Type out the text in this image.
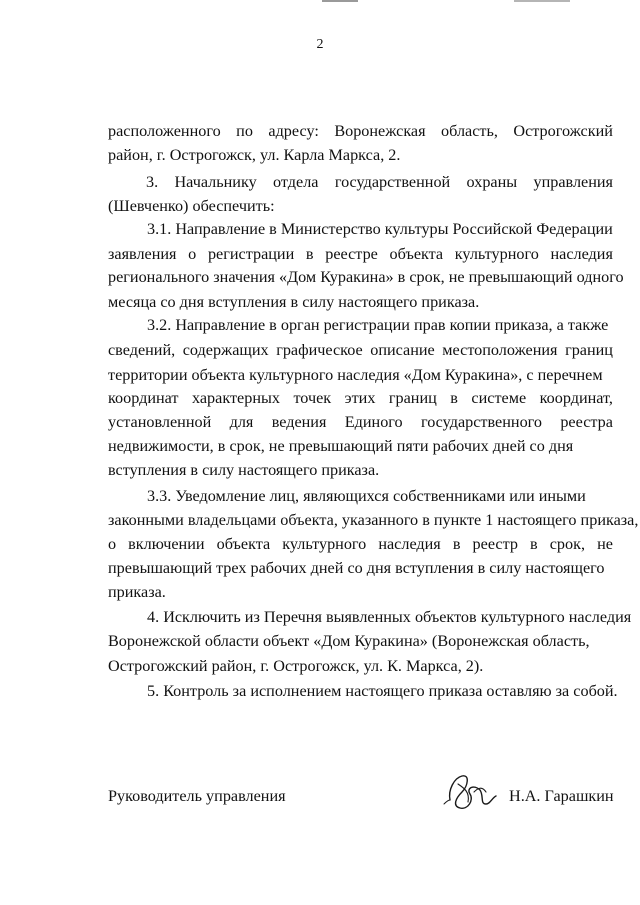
2
расположенного по адресу: Воронежская область, Острогожский
район, г. Острогожск, ул. Карла Маркса, 2.
3. Начальнику отдела государственной охраны управления
(Шевченко) обеспечить:
3.1. Направление в Министерство культуры Российской Федерации
заявления о регистрации в реестре объекта культурного наследия
регионального значения «Дом Куракина» в срок, не превышающий одного
месяца со дня вступления в силу настоящего приказа.
3.2. Направление в орган регистрации прав копии приказа, а также
сведений, содержащих графическое описание местоположения границ
территории объекта культурного наследия «Дом Куракина», с перечнем
координат характерных точек этих границ в системе координат,
установленной для ведения Единого государственного реестра
недвижимости, в срок, не превышающий пяти рабочих дней со дня
вступления в силу настоящего приказа.
3.3. Уведомление лиц, являющихся собственниками или иными
законными владельцами объекта, указанного в пункте 1 настоящего приказа,
о включении объекта культурного наследия в реестр в срок, не
превышающий трех рабочих дней со дня вступления в силу настоящего
приказа.
4. Исключить из Перечня выявленных объектов культурного наследия
Воронежской области объект «Дом Куракина» (Воронежская область,
Острогожский район, г. Острогожск, ул. К. Маркса, 2).
5. Контроль за исполнением настоящего приказа оставляю за собой.
Руководитель управления	Н.А. Гарашкин
